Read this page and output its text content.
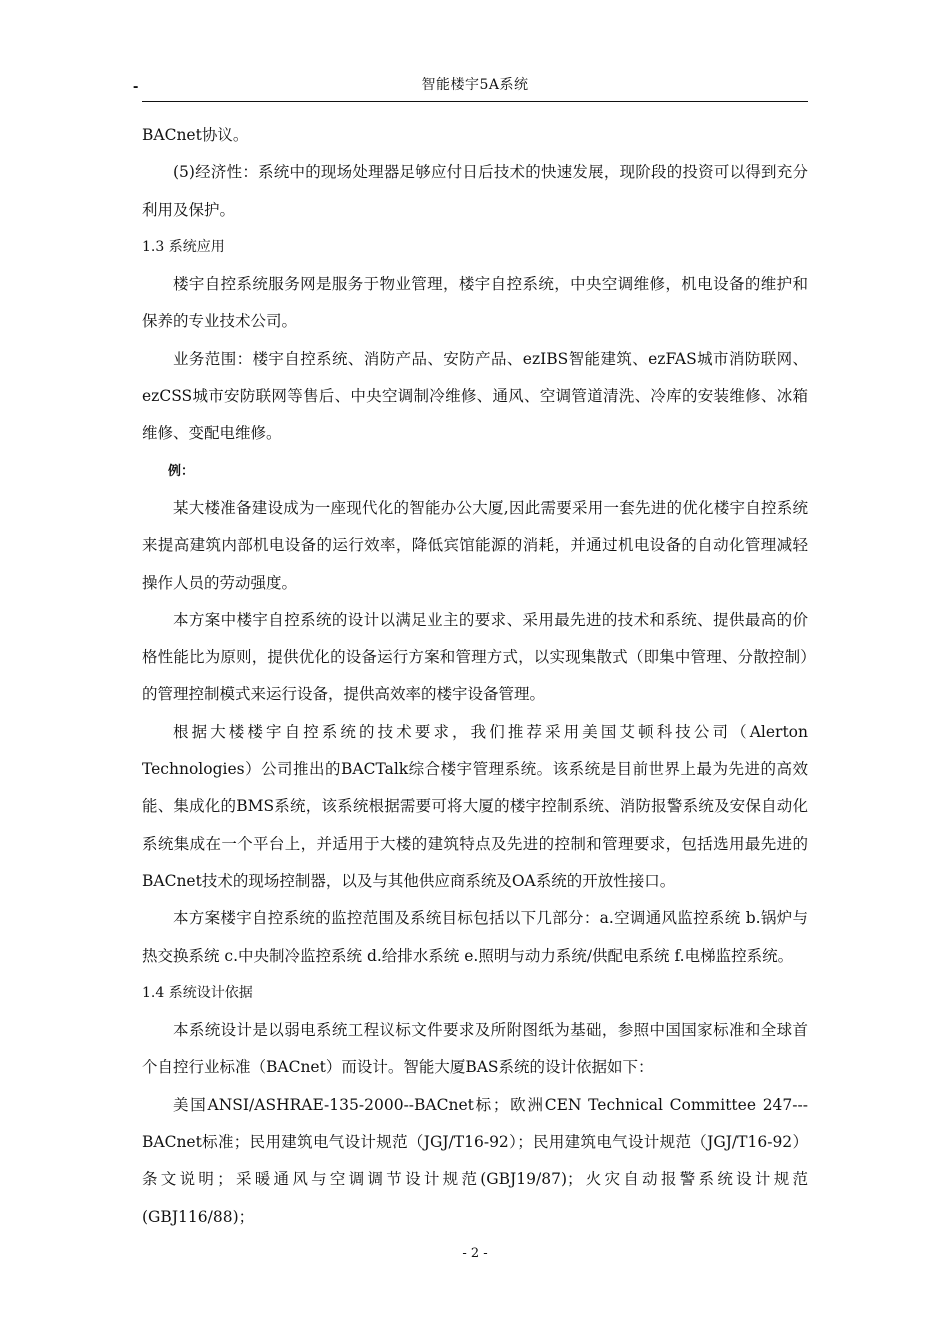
-	智能楼宇5A系统

BACnet协议。

(5)经济性：系统中的现场处理器足够应付日后技术的快速发展，现阶段的投资可以得到充分利用及保护。

1.3 系统应用

楼宇自控系统服务网是服务于物业管理，楼宇自控系统，中央空调维修，机电设备的维护和保养的专业技术公司。

业务范围：楼宇自控系统、消防产品、安防产品、ezIBS智能建筑、ezFAS城市消防联网、ezCSS城市安防联网等售后、中央空调制冷维修、通风、空调管道清洗、冷库的安装维修、冰箱维修、变配电维修。

例：

某大楼准备建设成为一座现代化的智能办公大厦,因此需要采用一套先进的优化楼宇自控系统来提高建筑内部机电设备的运行效率，降低宾馆能源的消耗，并通过机电设备的自动化管理减轻操作人员的劳动强度。

本方案中楼宇自控系统的设计以满足业主的要求、采用最先进的技术和系统、提供最高的价格性能比为原则，提供优化的设备运行方案和管理方式，以实现集散式（即集中管理、分散控制）的管理控制模式来运行设备，提供高效率的楼宇设备管理。

根据大楼楼宇自控系统的技术要求，我们推荐采用美国艾顿科技公司（Alerton Technologies）公司推出的BACTalk综合楼宇管理系统。该系统是目前世界上最为先进的高效能、集成化的BMS系统，该系统根据需要可将大厦的楼宇控制系统、消防报警系统及安保自动化系统集成在一个平台上，并适用于大楼的建筑特点及先进的控制和管理要求，包括选用最先进的BACnet技术的现场控制器，以及与其他供应商系统及OA系统的开放性接口。

本方案楼宇自控系统的监控范围及系统目标包括以下几部分：a.空调通风监控系统 b.锅炉与热交换系统 c.中央制冷监控系统 d.给排水系统 e.照明与动力系统/供配电系统 f.电梯监控系统。

1.4 系统设计依据

本系统设计是以弱电系统工程议标文件要求及所附图纸为基础，参照中国国家标准和全球首个自控行业标准（BACnet）而设计。智能大厦BAS系统的设计依据如下：

美国ANSI/ASHRAE-135-2000--BACnet标；欧洲CEN Technical Committee 247---BACnet标准；民用建筑电气设计规范（JGJ/T16-92）；民用建筑电气设计规范（JGJ/T16-92）条文说明；采暖通风与空调调节设计规范(GBJ19/87)；火灾自动报警系统设计规范(GBJ116/88)；

- 2 -
